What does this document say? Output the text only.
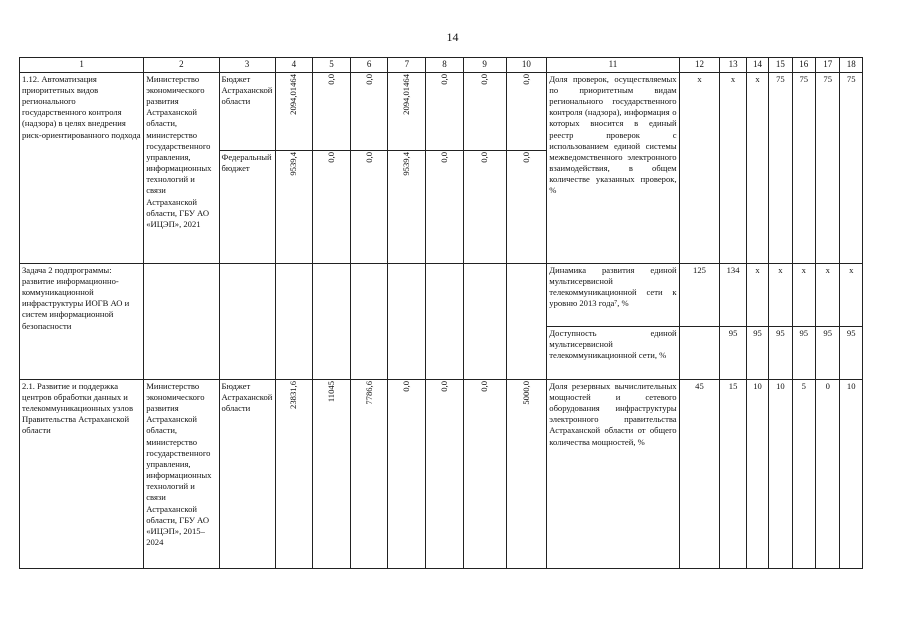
14
1	2	3	4	5	6	7	8	9	10	11	12	13	14	15	16	17	18
1.12. Автоматизация приоритетных видов регионального государственного контроля (надзора) в целях внедрения риск-ориентированного подхода	Министерство экономического развития Астраханской области, министерство государственного управления, информационных технологий и связи Астраханской области, ГБУ АО «ИЦЭП», 2021	Бюджет Астраханской области	2094,01464	0,0	0,0	2094,01464	0,0	0,0	0,0	Доля проверок, осуществляемых по приоритетным видам регионального государственного контроля (надзора), информация о которых вносится в единый реестр проверок с использованием единой системы межведомственного электронного взаимодействия, в общем количестве указанных проверок, %	x	x	x	75	75	75	75
		Федеральный бюджет	9539,4	0,0	0,0	9539,4	0,0	0,0	0,0								
Задача 2 подпрограммы: развитие информационно-коммуникационной инфраструктуры ИОГВ АО и систем информационной безопасности										Динамика развития единой мультисервисной телекоммуникационной сети к уровню 2013 года⁷, %	125	134	x	x	x	x	x
										Доступность единой мультисервисной телекоммуникационной сети, %		95	95	95	95	95	95
2.1. Развитие и поддержка центров обработки данных и телекоммуникационных узлов Правительства Астраханской области	Министерство экономического развития Астраханской области, министерство государственного управления, информационных технологий и связи Астраханской области, ГБУ АО «ИЦЭП», 2015–2024	Бюджет Астраханской области	23831,6	11045	7786,6	0,0	0,0	0,0	5000,0	Доля резервных вычислительных мощностей и сетевого оборудования инфраструктуры электронного правительства Астраханской области от общего количества мощностей, %	45	15	10	10	5	0	10
